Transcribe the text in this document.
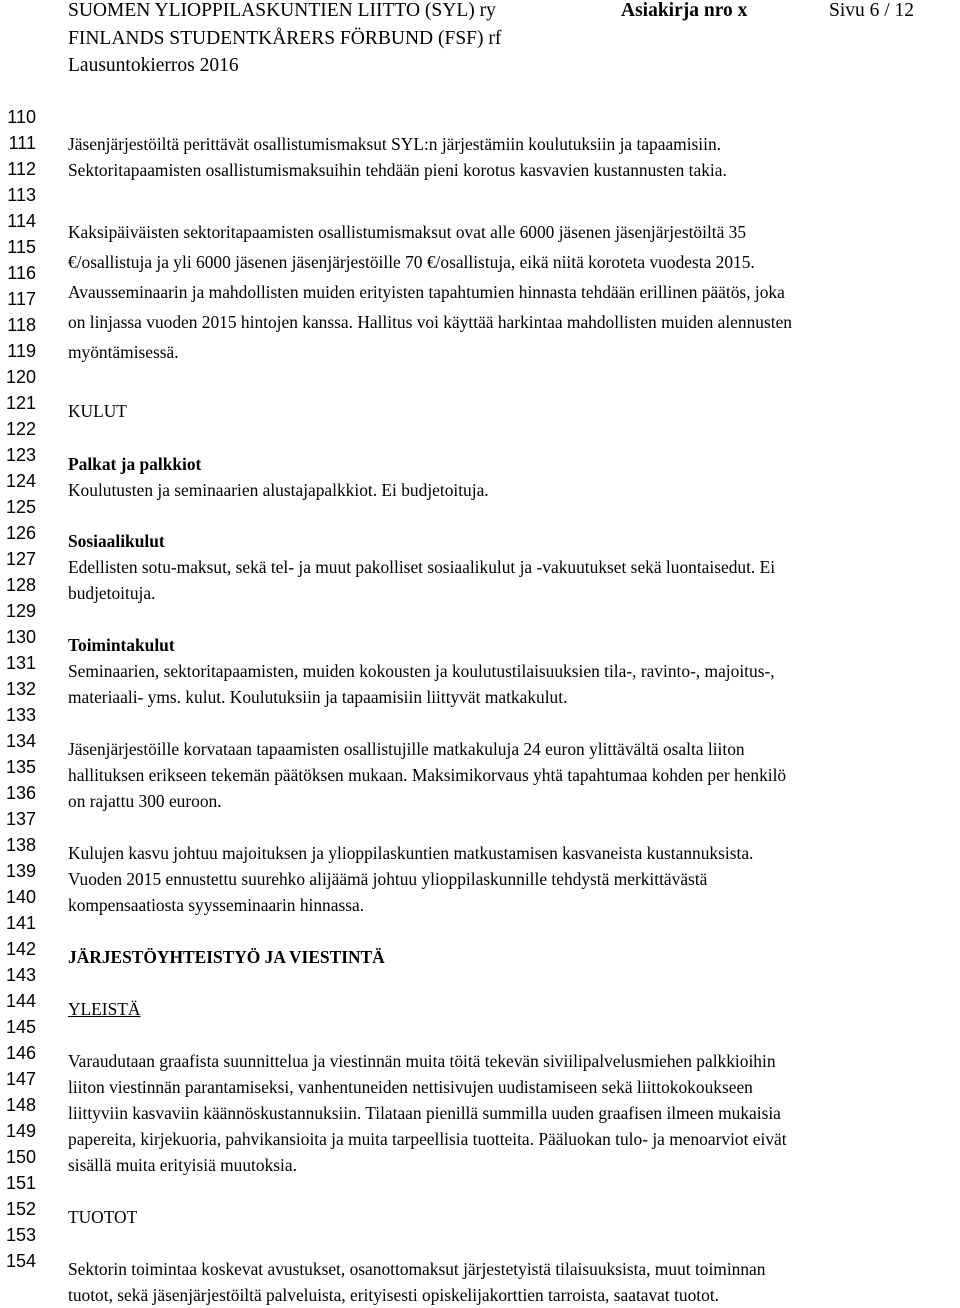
SUOMEN YLIOPPILASKUNTIEN LIITTO (SYL) ry
FINLANDS STUDENTKÅRERS FÖRBUND (FSF) rf
Lausuntokierros 2016
Asiakirja nro x	Sivu 6 / 12
110
111
112
113
114
115
116
117
118
119
120
121
122
123
124
125
126
127
128
129
130
131
132
133
134
135
136
137
138
139
140
141
142
143
144
145
146
147
148
149
150
151
152
153
154
Jäsenjärjestöiltä perittävät osallistumismaksut SYL:n järjestämiin koulutuksiin ja tapaamisiin.
Sektoritapaamisten osallistumismaksuihin tehdään pieni korotus kasvavien kustannusten takia.
Kaksipäiväisten sektoritapaamisten osallistumismaksut ovat alle 6000 jäsenen jäsenjärjestöiltä 35
€/osallistuja ja yli 6000 jäsenen jäsenjärjestöille 70 €/osallistuja, eikä niitä koroteta vuodesta 2015.
Avausseminaarin ja mahdollisten muiden erityisten tapahtumien hinnasta tehdään erillinen päätös, joka
on linjassa vuoden 2015 hintojen kanssa. Hallitus voi käyttää harkintaa mahdollisten muiden alennusten
myöntämisessä.
KULUT
Palkat ja palkkiot
Koulutusten ja seminaarien alustajapalkkiot. Ei budjetoituja.
Sosiaalikulut
Edellisten sotu-maksut, sekä tel- ja muut pakolliset sosiaalikulut ja -vakuutukset sekä luontaisedut. Ei
budjetoituja.
Toimintakulut
Seminaarien, sektoritapaamisten, muiden kokousten ja koulutustilaisuuksien tila-, ravinto-, majoitus-,
materiaali- yms. kulut. Koulutuksiin ja tapaamisiin liittyvät matkakulut.
Jäsenjärjestöille korvataan tapaamisten osallistujille matkakuluja 24 euron ylittävältä osalta liiton
hallituksen erikseen tekemän päätöksen mukaan. Maksimikorvaus yhtä tapahtumaa kohden per henkilö
on rajattu 300 euroon.
Kulujen kasvu johtuu majoituksen ja ylioppilaskuntien matkustamisen kasvaneista kustannuksista.
Vuoden 2015 ennustettu suurehko alijäämä johtuu ylioppilaskunnille tehdystä merkittävästä
kompensaatiosta syysseminaarin hinnassa.
JÄRJESTÖYHTEISTYÖ JA VIESTINTÄ
YLEISTÄ
Varaudutaan graafista suunnittelua ja viestinnän muita töitä tekevän siviilipalvelusmiehen palkkioihin
liiton viestinnän parantamiseksi, vanhentuneiden nettisivujen uudistamiseen sekä liittokokoukseen
liittyviin kasvaviin käännöskustannuksiin. Tilataan pienillä summilla uuden graafisen ilmeen mukaisia
papereita, kirjekuoria, pahvikansioita ja muita tarpeellisia tuotteita. Pääluokan tulo- ja menoarviot eivät
sisällä muita erityisiä muutoksia.
TUOTOT
Sektorin toimintaa koskevat avustukset, osanottomaksut järjestetyistä tilaisuuksista, muut toiminnan
tuotot, sekä jäsenjärjestöiltä palveluista, erityisesti opiskelijakorttien tarroista, saatavat tuotot.
